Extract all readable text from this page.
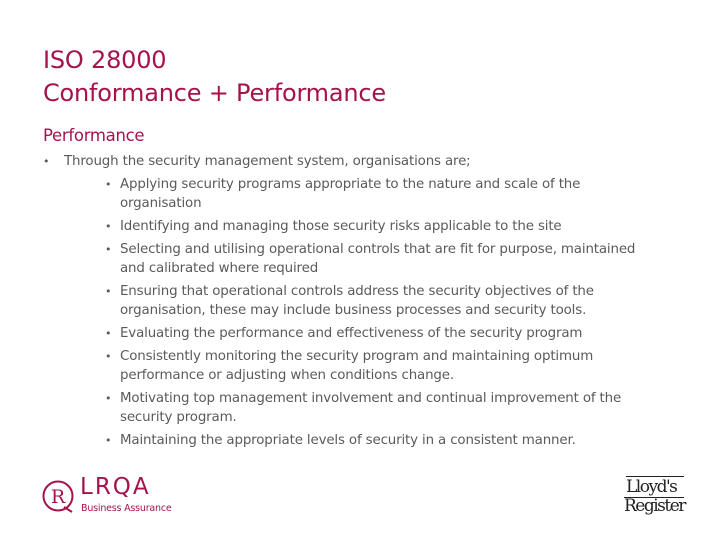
ISO 28000
Conformance + Performance
Performance
• Through the security management system, organisations are;
• Applying security programs appropriate to the nature and scale of the organisation
• Identifying and managing those security risks applicable to the site
• Selecting and utilising operational controls that are fit for purpose, maintained and calibrated where required
• Ensuring that operational controls address the security objectives of the organisation, these may include business processes and security tools.
• Evaluating the performance and effectiveness of the security program
• Consistently monitoring the security program and maintaining optimum performance or adjusting when conditions change.
• Motivating top management involvement and continual improvement of the security program.
• Maintaining the appropriate levels of security in a consistent manner.
R LRQA
Business Assurance
Lloyd's
Register
